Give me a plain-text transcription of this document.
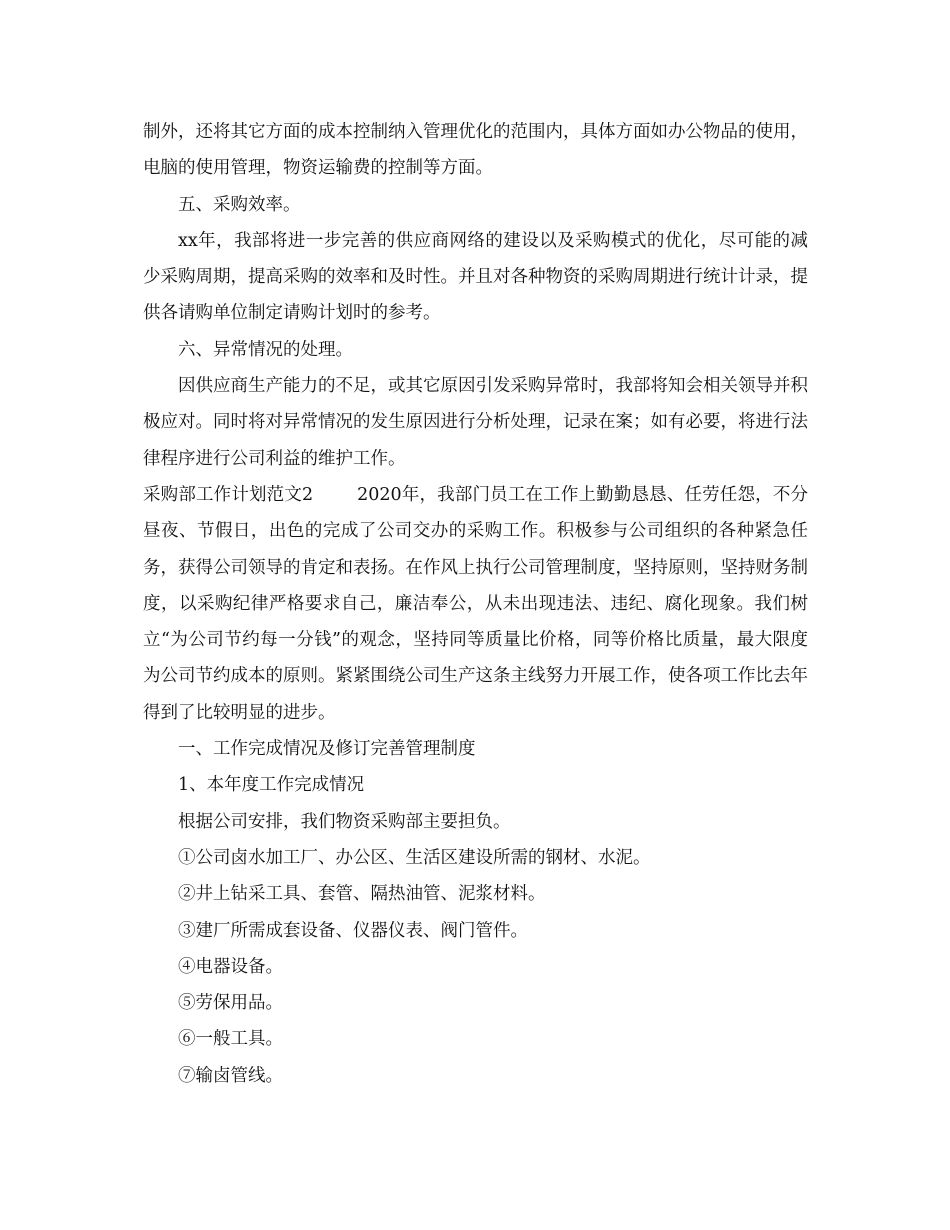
制外，还将其它方面的成本控制纳入管理优化的范围内，具体方面如办公物品的使用，电脑的使用管理，物资运输费的控制等方面。

五、采购效率。

xx年，我部将进一步完善的供应商网络的建设以及采购模式的优化，尽可能的减少采购周期，提高采购的效率和及时性。并且对各种物资的采购周期进行统计计录，提供各请购单位制定请购计划时的参考。

六、异常情况的处理。

因供应商生产能力的不足，或其它原因引发采购异常时，我部将知会相关领导并积极应对。同时将对异常情况的发生原因进行分析处理，记录在案；如有必要，将进行法律程序进行公司利益的维护工作。

采购部工作计划范文2	2020年，我部门员工在工作上勤勤恳恳、任劳任怨，不分昼夜、节假日，出色的完成了公司交办的采购工作。积极参与公司组织的各种紧急任务，获得公司领导的肯定和表扬。在作风上执行公司管理制度，坚持原则，坚持财务制度，以采购纪律严格要求自己，廉洁奉公，从未出现违法、违纪、腐化现象。我们树立“为公司节约每一分钱”的观念，坚持同等质量比价格，同等价格比质量，最大限度为公司节约成本的原则。紧紧围绕公司生产这条主线努力开展工作，使各项工作比去年得到了比较明显的进步。

一、工作完成情况及修订完善管理制度

1、本年度工作完成情况

根据公司安排，我们物资采购部主要担负。

①公司卤水加工厂、办公区、生活区建设所需的钢材、水泥。

②井上钻采工具、套管、隔热油管、泥浆材料。

③建厂所需成套设备、仪器仪表、阀门管件。

④电器设备。

⑤劳保用品。

⑥一般工具。

⑦输卤管线。
